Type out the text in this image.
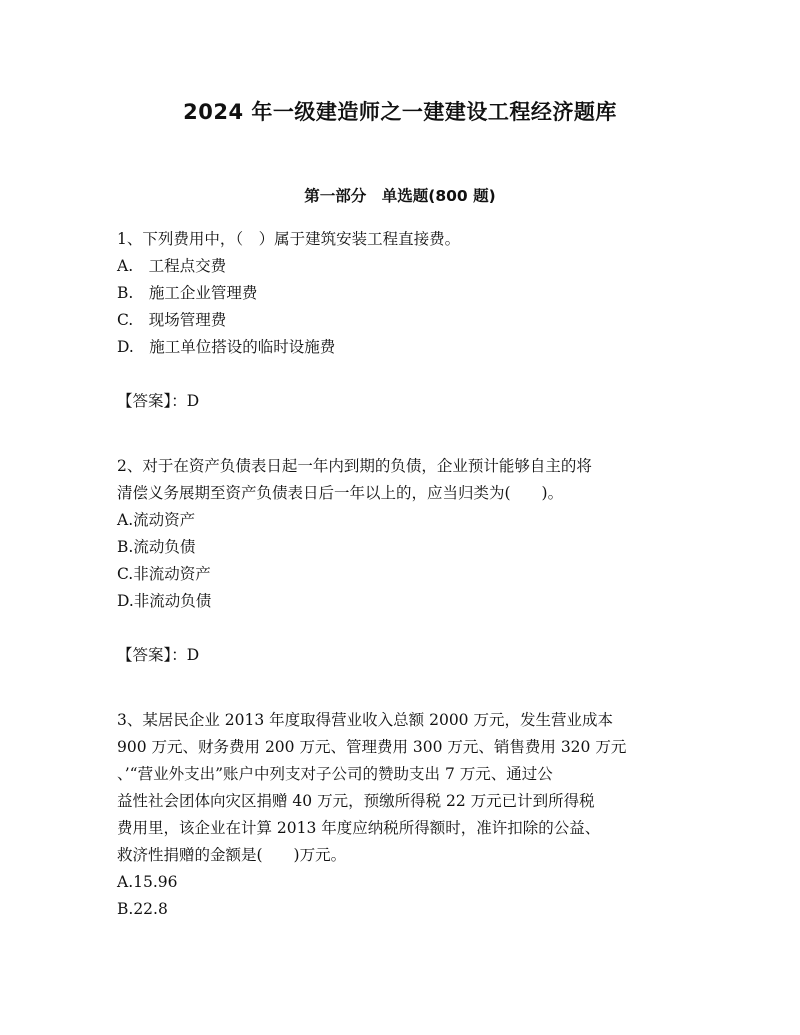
2024 年一级建造师之一建建设工程经济题库
第一部分　单选题(800 题)
1、下列费用中，（　）属于建筑安装工程直接费。
A.　工程点交费
B.　施工企业管理费
C.　现场管理费
D.　施工单位搭设的临时设施费
【答案】：D
2、对于在资产负债表日起一年内到期的负债，企业预计能够自主的将
清偿义务展期至资产负债表日后一年以上的，应当归类为(　　)。
A.流动资产
B.流动负债
C.非流动资产
D.非流动负债
【答案】：D
3、某居民企业 2013 年度取得营业收入总额 2000 万元，发生营业成本
900 万元、财务费用 200 万元、管理费用 300 万元、销售费用 320 万元
、’“营业外支出”账户中列支对子公司的赞助支出 7 万元、通过公
益性社会团体向灾区捐赠 40 万元，预缴所得税 22 万元已计到所得税
费用里，该企业在计算 2013 年度应纳税所得额时，准许扣除的公益、
救济性捐赠的金额是(　　)万元。
A.15.96
B.22.8
